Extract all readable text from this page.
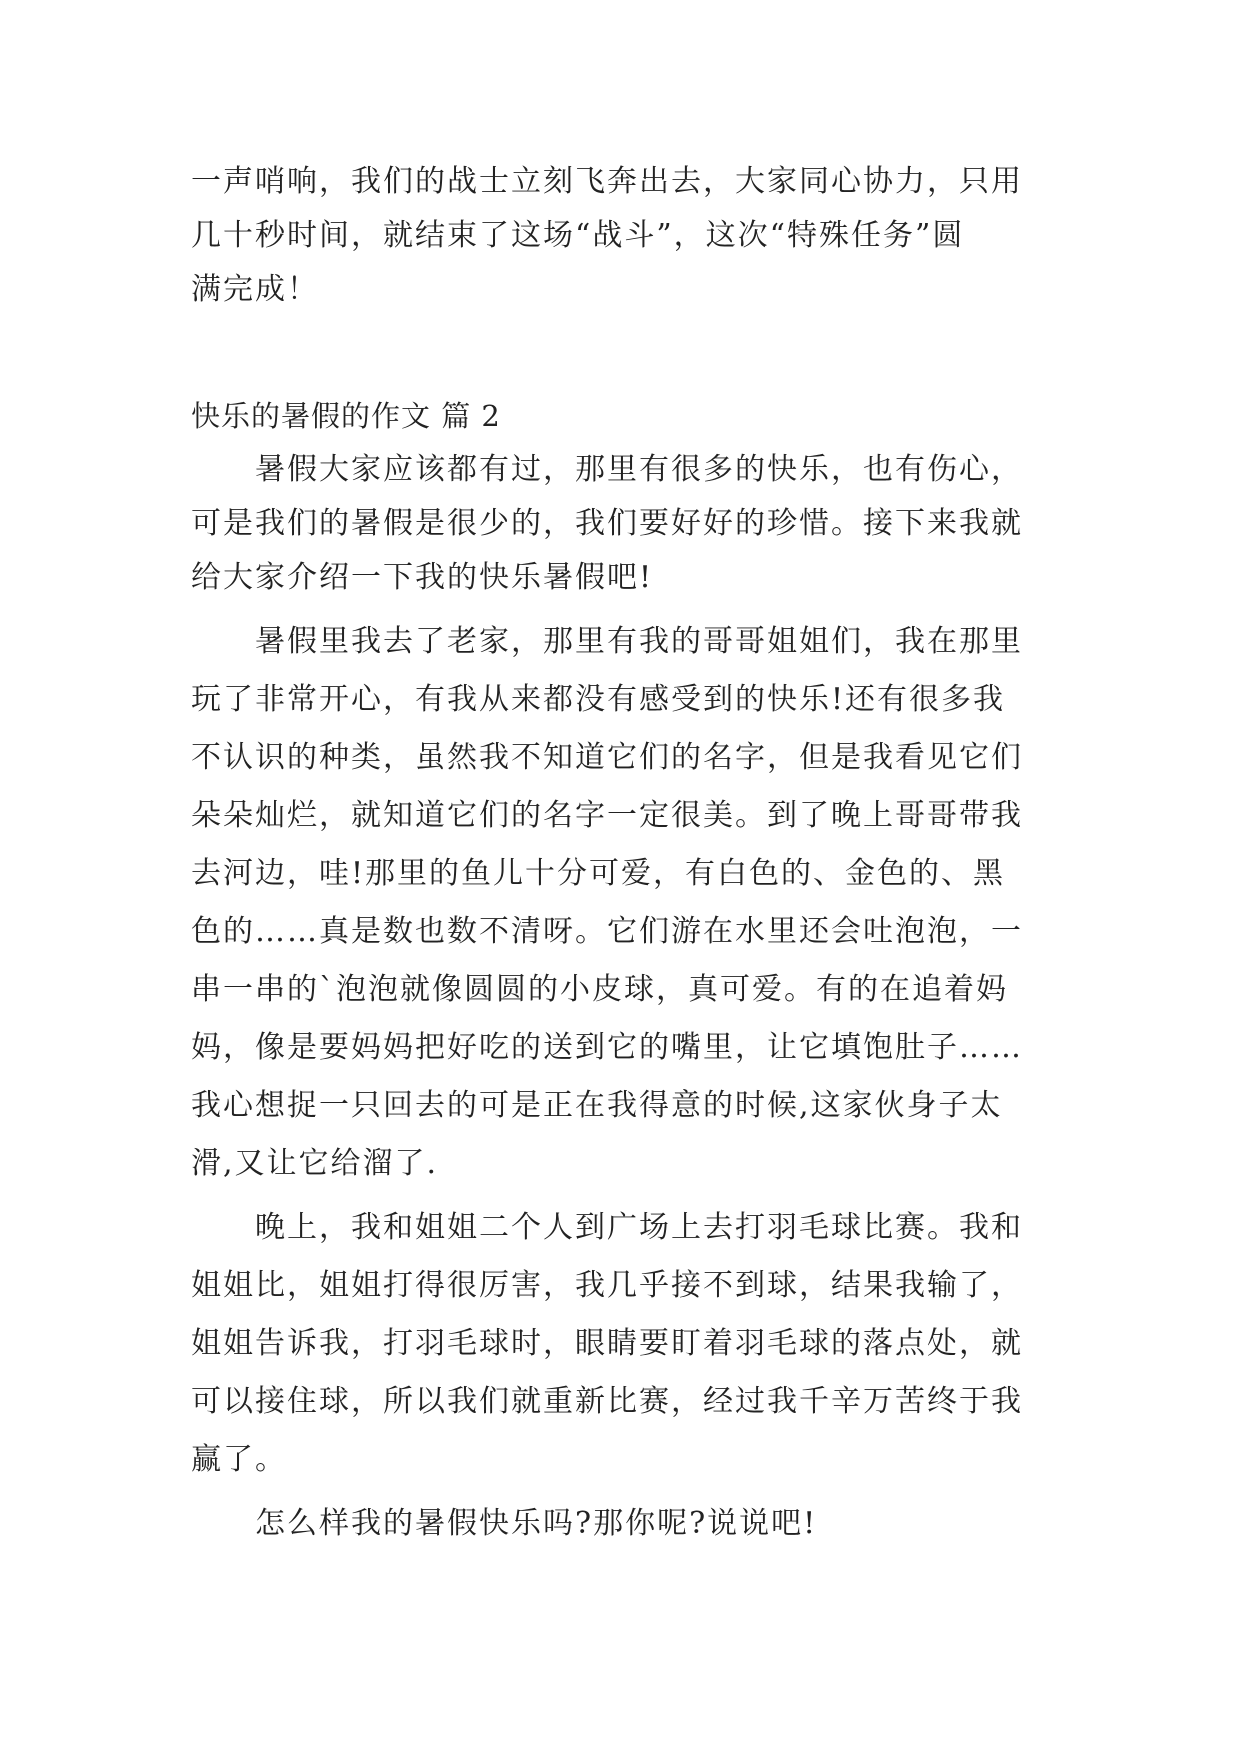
一声哨响，我们的战士立刻飞奔出去，大家同心协力，只用
几十秒时间，就结束了这场“战斗”，这次“特殊任务”圆
满完成！
快乐的暑假的作文 篇 2
暑假大家应该都有过，那里有很多的快乐，也有伤心，
可是我们的暑假是很少的，我们要好好的珍惜。接下来我就
给大家介绍一下我的快乐暑假吧!
暑假里我去了老家，那里有我的哥哥姐姐们，我在那里
玩了非常开心，有我从来都没有感受到的快乐!还有很多我
不认识的种类，虽然我不知道它们的名字，但是我看见它们
朵朵灿烂，就知道它们的名字一定很美。到了晚上哥哥带我
去河边，哇!那里的鱼儿十分可爱，有白色的、金色的、黑
色的……真是数也数不清呀。它们游在水里还会吐泡泡，一
串一串的`泡泡就像圆圆的小皮球，真可爱。有的在追着妈
妈，像是要妈妈把好吃的送到它的嘴里，让它填饱肚子……
我心想捉一只回去的可是正在我得意的时候,这家伙身子太
滑,又让它给溜了.
晚上，我和姐姐二个人到广场上去打羽毛球比赛。我和
姐姐比，姐姐打得很厉害，我几乎接不到球，结果我输了，
姐姐告诉我，打羽毛球时，眼睛要盯着羽毛球的落点处，就
可以接住球，所以我们就重新比赛，经过我千辛万苦终于我
赢了。
怎么样我的暑假快乐吗?那你呢?说说吧!
